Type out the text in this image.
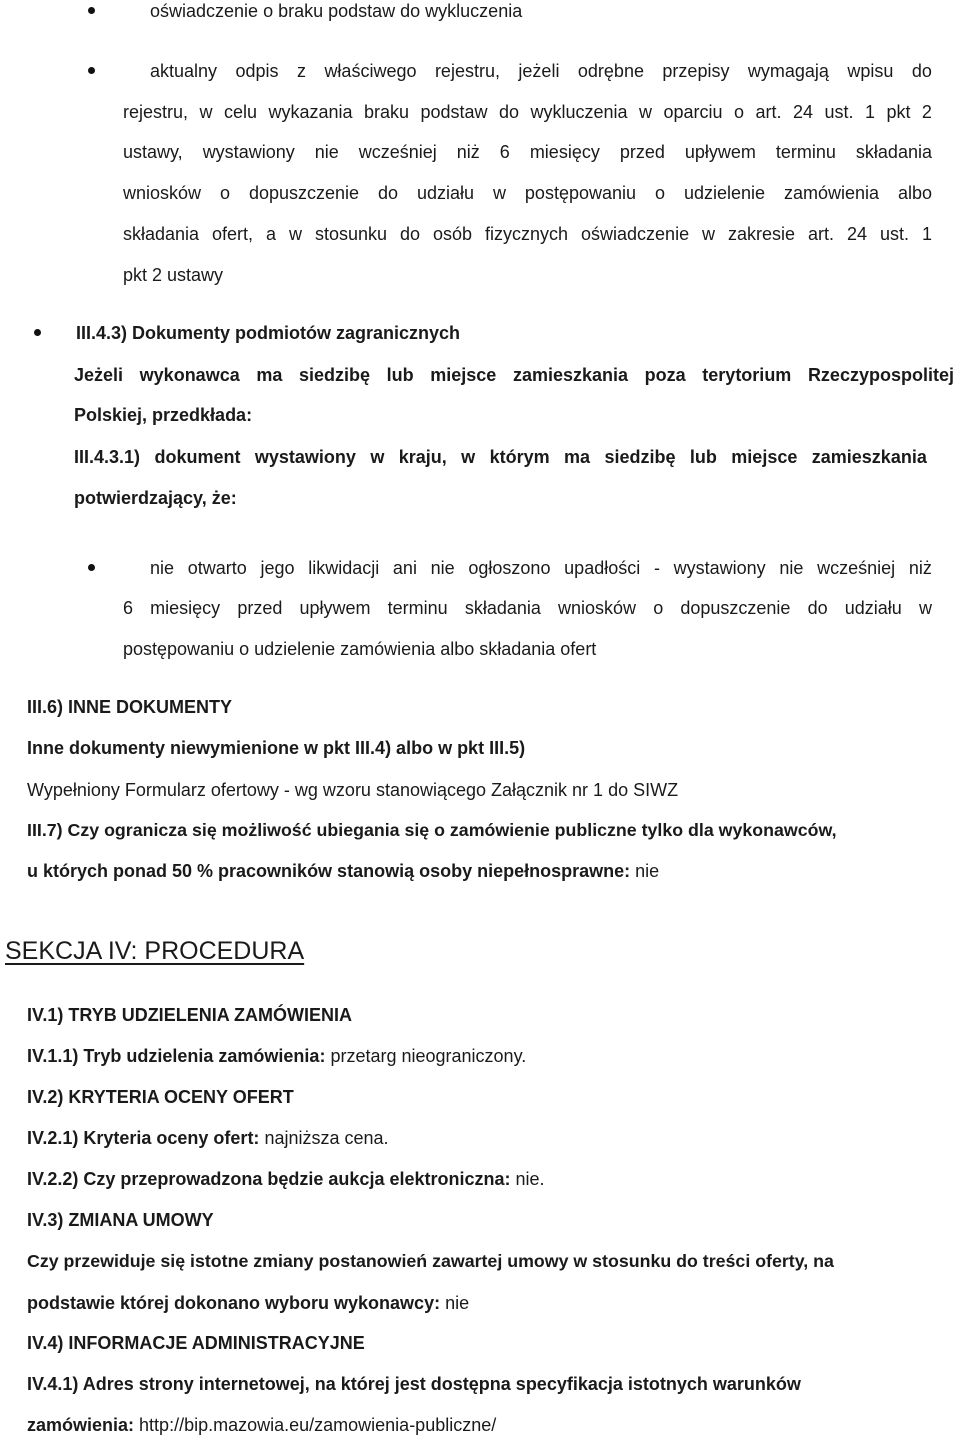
oświadczenie o braku podstaw do wykluczenia
aktualny odpis z właściwego rejestru, jeżeli odrębne przepisy wymagają wpisu do
rejestru, w celu wykazania braku podstaw do wykluczenia w oparciu o art. 24 ust. 1 pkt 2
ustawy, wystawiony nie wcześniej niż 6 miesięcy przed upływem terminu składania
wniosków o dopuszczenie do udziału w postępowaniu o udzielenie zamówienia albo
składania ofert, a w stosunku do osób fizycznych oświadczenie w zakresie art. 24 ust. 1
pkt 2 ustawy
III.4.3) Dokumenty podmiotów zagranicznych
Jeżeli wykonawca ma siedzibę lub miejsce zamieszkania poza terytorium Rzeczypospolitej
Polskiej, przedkłada:
III.4.3.1) dokument wystawiony w kraju, w którym ma siedzibę lub miejsce zamieszkania
potwierdzający, że:
nie otwarto jego likwidacji ani nie ogłoszono upadłości - wystawiony nie wcześniej niż
6 miesięcy przed upływem terminu składania wniosków o dopuszczenie do udziału w
postępowaniu o udzielenie zamówienia albo składania ofert
III.6) INNE DOKUMENTY
Inne dokumenty niewymienione w pkt III.4) albo w pkt III.5)
Wypełniony Formularz ofertowy - wg wzoru stanowiącego Załącznik nr 1 do SIWZ
III.7) Czy ogranicza się możliwość ubiegania się o zamówienie publiczne tylko dla wykonawców,
u których ponad 50 % pracowników stanowią osoby niepełnosprawne: nie
SEKCJA IV: PROCEDURA
IV.1) TRYB UDZIELENIA ZAMÓWIENIA
IV.1.1) Tryb udzielenia zamówienia: przetarg nieograniczony.
IV.2) KRYTERIA OCENY OFERT
IV.2.1) Kryteria oceny ofert: najniższa cena.
IV.2.2) Czy przeprowadzona będzie aukcja elektroniczna: nie.
IV.3) ZMIANA UMOWY
Czy przewiduje się istotne zmiany postanowień zawartej umowy w stosunku do treści oferty, na
podstawie której dokonano wyboru wykonawcy: nie
IV.4) INFORMACJE ADMINISTRACYJNE
IV.4.1) Adres strony internetowej, na której jest dostępna specyfikacja istotnych warunków
zamówienia: http://bip.mazowia.eu/zamowienia-publiczne/
